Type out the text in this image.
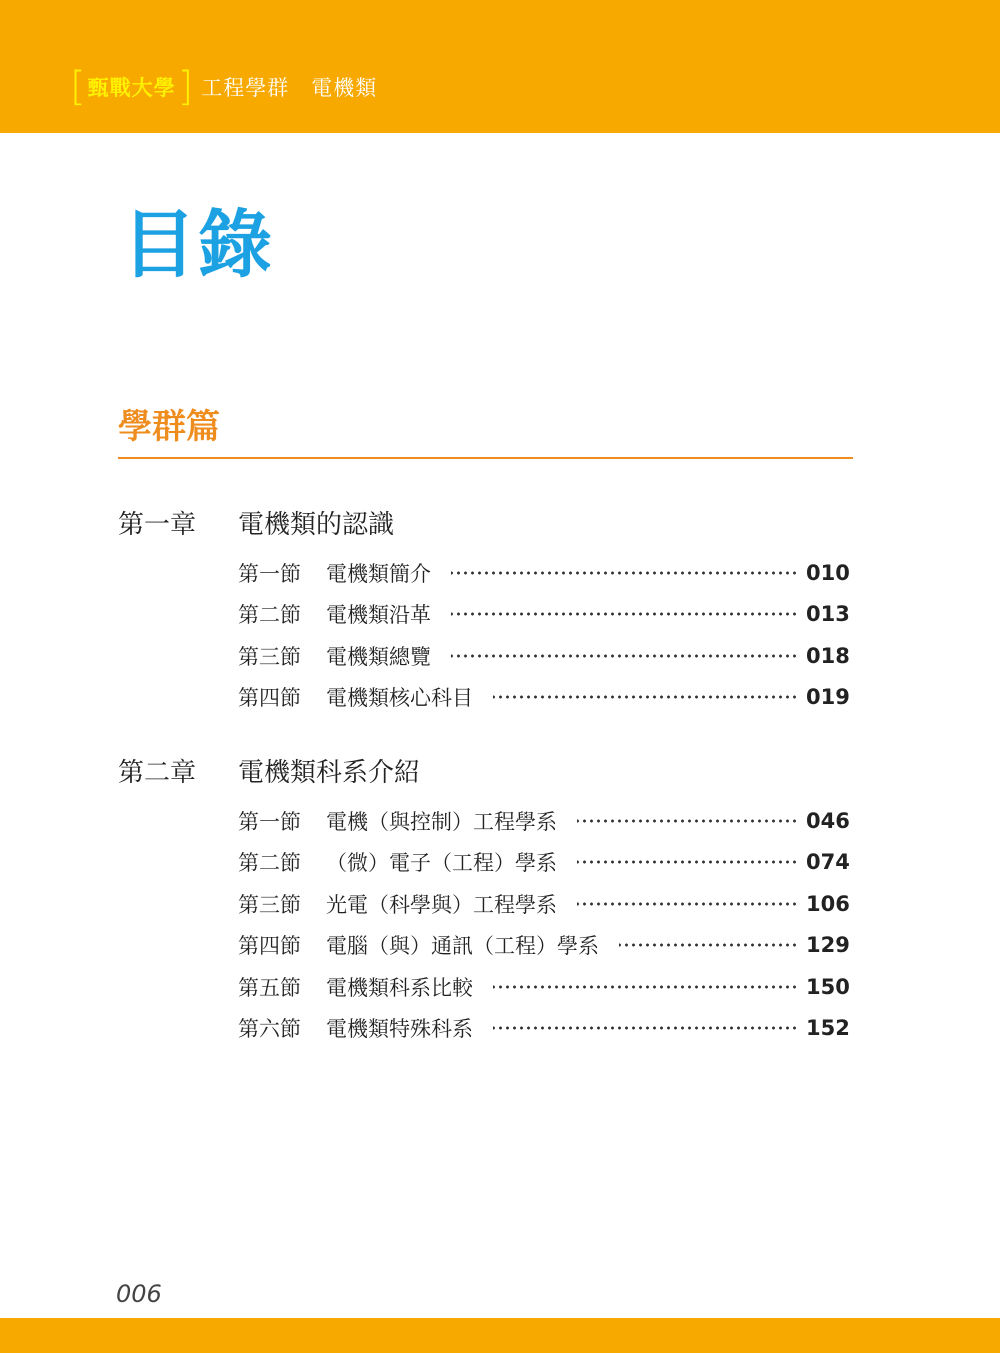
[ 甄戰大學 ] 工程學群 電機類
目錄
學群篇
第一章	電機類的認識
第一節	電機類簡介	010
第二節	電機類沿革	013
第三節	電機類總覽	018
第四節	電機類核心科目	019
第二章	電機類科系介紹
第一節	電機（與控制）工程學系	046
第二節	（微）電子（工程）學系	074
第三節	光電（科學與）工程學系	106
第四節	電腦（與）通訊（工程）學系	129
第五節	電機類科系比較	150
第六節	電機類特殊科系	152
006
